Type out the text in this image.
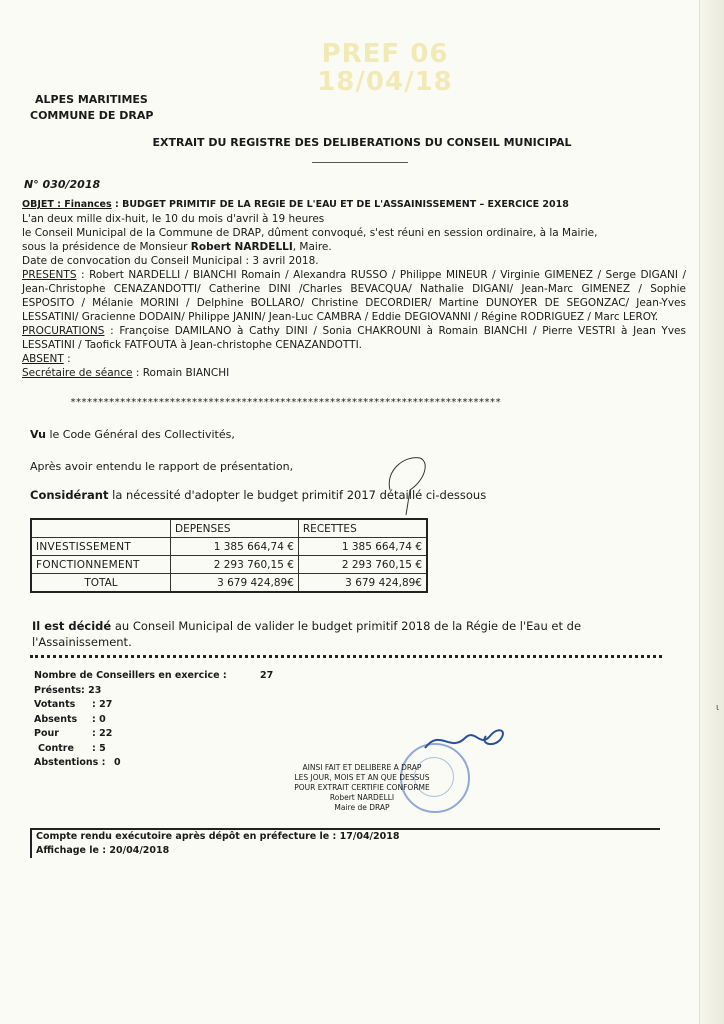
PREF 06
18/04/18
ALPES MARITIMES
COMMUNE DE DRAP
EXTRAIT DU REGISTRE DES DELIBERATIONS DU CONSEIL MUNICIPAL
N° 030/2018

OBJET : Finances : BUDGET PRIMITIF DE LA REGIE DE L'EAU ET DE L'ASSAINISSEMENT – EXERCICE 2018

L'an deux mille dix-huit, le 10 du mois d'avril à 19 heures

le Conseil Municipal de la Commune de DRAP, dûment convoqué, s'est réuni en session ordinaire, à la Mairie,

sous la présidence de Monsieur Robert NARDELLI, Maire.

Date de convocation du Conseil Municipal : 3 avril 2018.

PRESENTS : Robert NARDELLI / BIANCHI Romain / Alexandra RUSSO / Philippe MINEUR / Virginie GIMENEZ / Serge DIGANI / Jean-Christophe CENAZANDOTTI/ Catherine DINI /Charles BEVACQUA/ Nathalie DIGANI/ Jean-Marc GIMENEZ / Sophie ESPOSITO / Mélanie MORINI / Delphine BOLLARO/ Christine DECORDIER/ Martine DUNOYER DE SEGONZAC/ Jean-Yves LESSATINI/ Gracienne DODAIN/ Philippe JANIN/ Jean-Luc CAMBRA / Eddie DEGIOVANNI / Régine RODRIGUEZ / Marc LEROY.

PROCURATIONS : Françoise DAMILANO à Cathy DINI / Sonia CHAKROUNI à Romain BIANCHI / Pierre VESTRI à Jean Yves LESSATINI / Taofick FATFOUTA à Jean-christophe CENAZANDOTTI.

ABSENT :

Secrétaire de séance : Romain BIANCHI

******************************************************************************
Vu le Code Général des Collectivités,
Après avoir entendu le rapport de présentation,
Considérant la nécessité d'adopter le budget primitif 2017 détaillé ci-dessous
	DEPENSES	RECETTES
INVESTISSEMENT	1 385 664,74 €	1 385 664,74 €
FONCTIONNEMENT	2 293 760,15 €	2 293 760,15 €
TOTAL	3 679 424,89€	3 679 424,89€
Il est décidé au Conseil Municipal de valider le budget primitif 2018 de la Régie de l'Eau et de l'Assainissement.
Nombre de Conseillers en exercice :	27
Présents : 23
Votants : 27
Absents : 0
Pour	: 22
Contre : 5
Abstentions : 0
ɩ
AINSI FAIT ET DELIBERE A DRAP
LES JOUR, MOIS ET AN QUE DESSUS
POUR EXTRAIT CERTIFIE CONFORME
Robert NARDELLI
Maire de DRAP
Compte rendu exécutoire après dépôt en préfecture le : 17/04/2018
Affichage le : 20/04/2018
